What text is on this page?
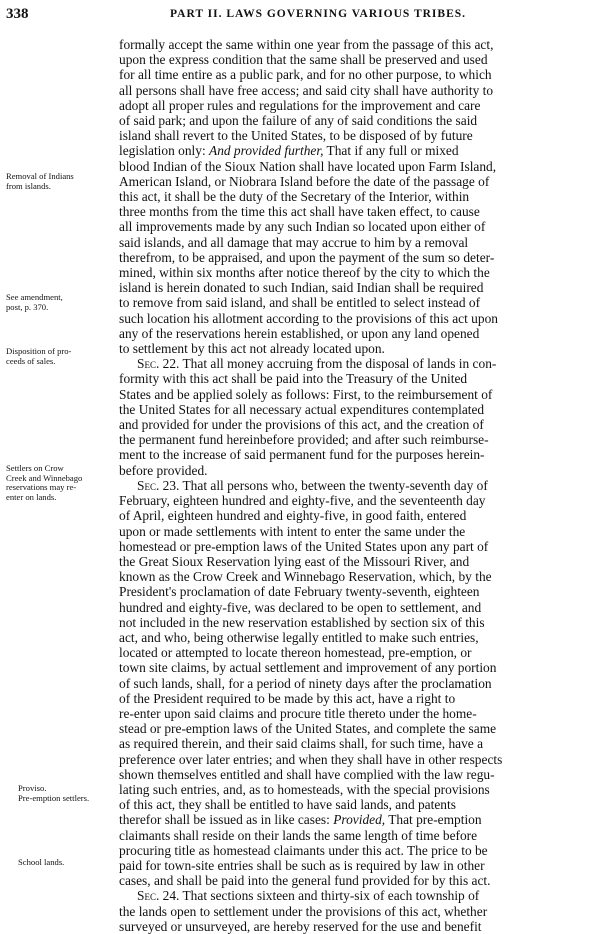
338	PART II. LAWS GOVERNING VARIOUS TRIBES.
Removal of Indians
from islands.
See amendment,
post, p. 370.
Disposition of pro-
ceeds of sales.
Settlers on Crow
Creek and Winnebago
reservations may re-
enter on lands.
Proviso.
Pre-emption settlers.
School lands.

formally accept the same within one year from the passage of this act,
upon the express condition that the same shall be preserved and used
for all time entire as a public park, and for no other purpose, to which
all persons shall have free access; and said city shall have authority to
adopt all proper rules and regulations for the improvement and care
of said park; and upon the failure of any of said conditions the said
island shall revert to the United States, to be disposed of by future
legislation only: And provided further, That if any full or mixed
blood Indian of the Sioux Nation shall have located upon Farm Island,
American Island, or Niobrara Island before the date of the passage of
this act, it shall be the duty of the Secretary of the Interior, within
three months from the time this act shall have taken effect, to cause
all improvements made by any such Indian so located upon either of
said islands, and all damage that may accrue to him by a removal
therefrom, to be appraised, and upon the payment of the sum so deter-
mined, within six months after notice thereof by the city to which the
island is herein donated to such Indian, said Indian shall be required
to remove from said island, and shall be entitled to select instead of
such location his allotment according to the provisions of this act upon
any of the reservations herein established, or upon any land opened
to settlement by this act not already located upon.

Sec. 22. That all money accruing from the disposal of lands in con-
formity with this act shall be paid into the Treasury of the United
States and be applied solely as follows: First, to the reimbursement of
the United States for all necessary actual expenditures contemplated
and provided for under the provisions of this act, and the creation of
the permanent fund hereinbefore provided; and after such reimburse-
ment to the increase of said permanent fund for the purposes herein-
before provided.

Sec. 23. That all persons who, between the twenty-seventh day of
February, eighteen hundred and eighty-five, and the seventeenth day
of April, eighteen hundred and eighty-five, in good faith, entered
upon or made settlements with intent to enter the same under the
homestead or pre-emption laws of the United States upon any part of
the Great Sioux Reservation lying east of the Missouri River, and
known as the Crow Creek and Winnebago Reservation, which, by the
President's proclamation of date February twenty-seventh, eighteen
hundred and eighty-five, was declared to be open to settlement, and
not included in the new reservation established by section six of this
act, and who, being otherwise legally entitled to make such entries,
located or attempted to locate thereon homestead, pre-emption, or
town site claims, by actual settlement and improvement of any portion
of such lands, shall, for a period of ninety days after the proclamation
of the President required to be made by this act, have a right to
re-enter upon said claims and procure title thereto under the home-
stead or pre-emption laws of the United States, and complete the same
as required therein, and their said claims shall, for such time, have a
preference over later entries; and when they shall have in other respects
shown themselves entitled and shall have complied with the law regu-
lating such entries, and, as to homesteads, with the special provisions
of this act, they shall be entitled to have said lands, and patents
therefor shall be issued as in like cases: Provided, That pre-emption
claimants shall reside on their lands the same length of time before
procuring title as homestead claimants under this act. The price to be
paid for town-site entries shall be such as is required by law in other
cases, and shall be paid into the general fund provided for by this act.

Sec. 24. That sections sixteen and thirty-six of each township of
the lands open to settlement under the provisions of this act, whether
surveyed or unsurveyed, are hereby reserved for the use and benefit
